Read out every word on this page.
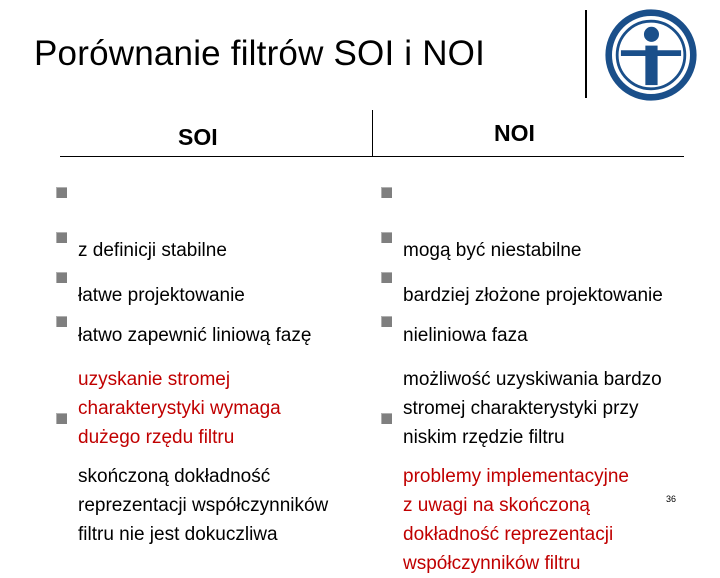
Porównanie filtrów SOI i NOI
SOI	NOI

z definicji stabilne

łatwe projektowanie

łatwo zapewnić liniową fazę

uzyskanie stromej
charakterystyki wymaga
dużego rzędu filtru

skończoną dokładność
reprezentacji współczynników
filtru nie jest dokuczliwa

mogą być niestabilne

bardziej złożone projektowanie

nieliniowa faza

możliwość uzyskiwania bardzo
stromej charakterystyki przy
niskim rzędzie filtru

problemy implementacyjne
z uwagi na skończoną
dokładność reprezentacji
współczynników filtru

36
